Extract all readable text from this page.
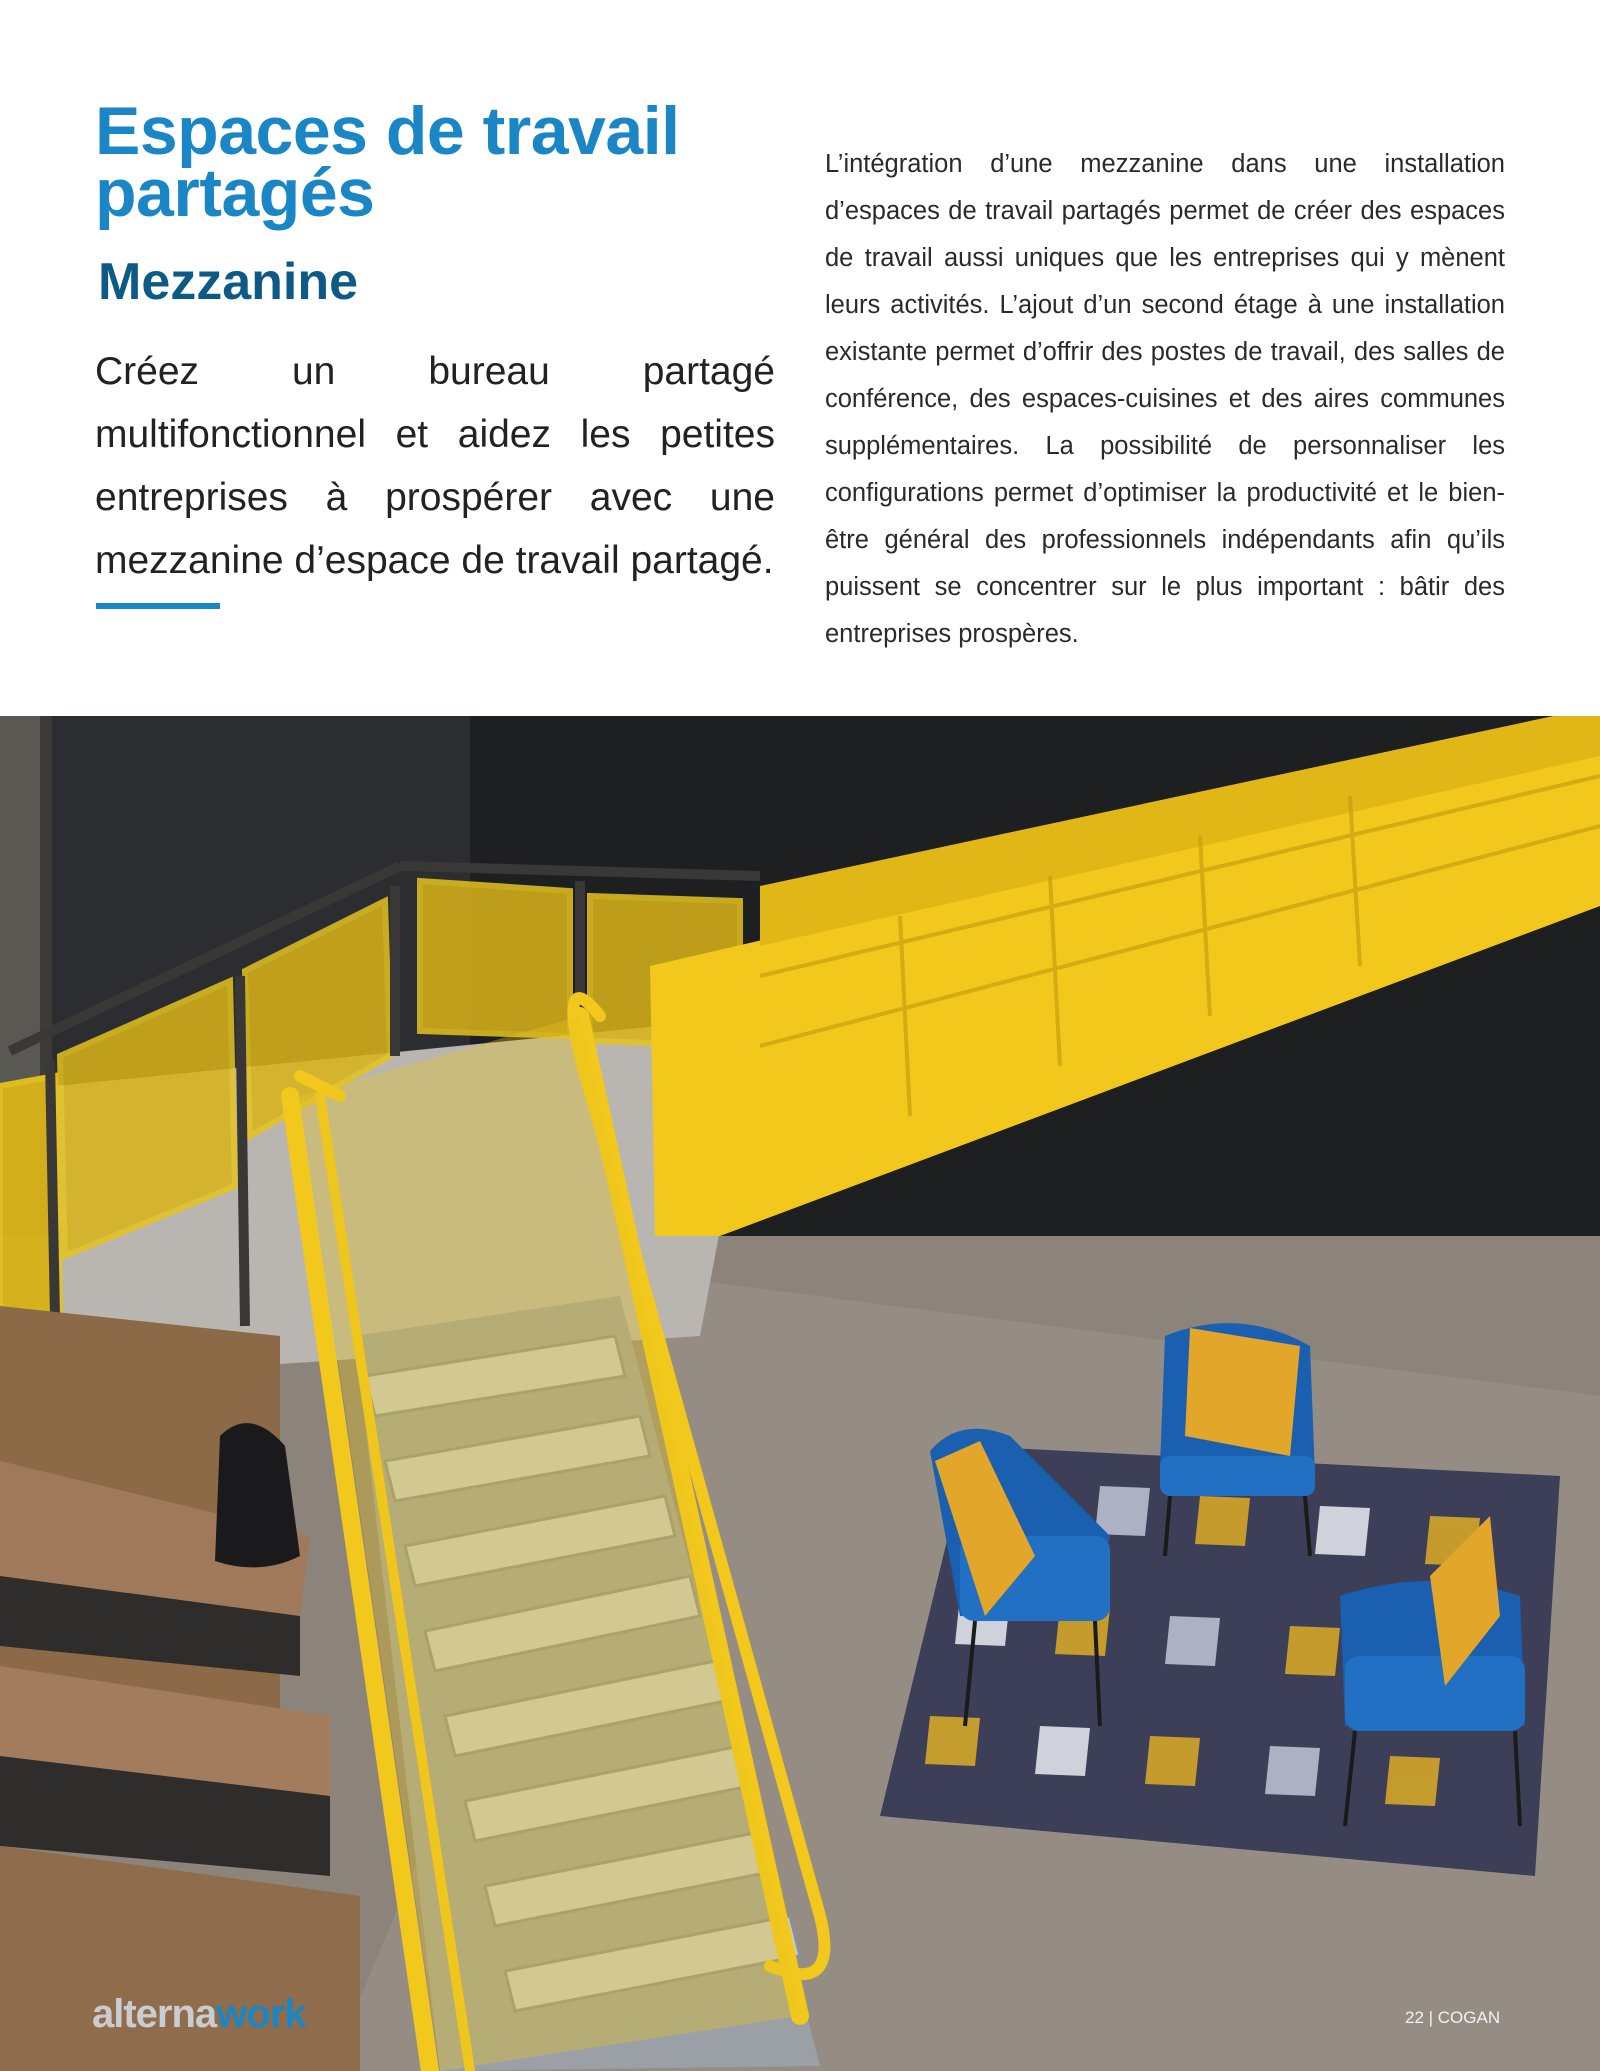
Espaces de travail partagés
Mezzanine

Créez un bureau partagé multifonctionnel et aidez les petites entreprises à prospérer avec une mezzanine d’espace de travail partagé.

L’intégration d’une mezzanine dans une installation d’espaces de travail partagés permet de créer des espaces de travail aussi uniques que les entreprises qui y mènent leurs activités. L’ajout d’un second étage à une installation existante permet d’offrir des postes de travail, des salles de conférence, des espaces-cuisines et des aires communes supplémentaires. La possibilité de personnaliser les configurations permet d’optimiser la productivité et le bien-être général des professionnels indépendants afin qu’ils puissent se concentrer sur le plus important : bâtir des entreprises prospères.

alternawork	22 | COGAN
